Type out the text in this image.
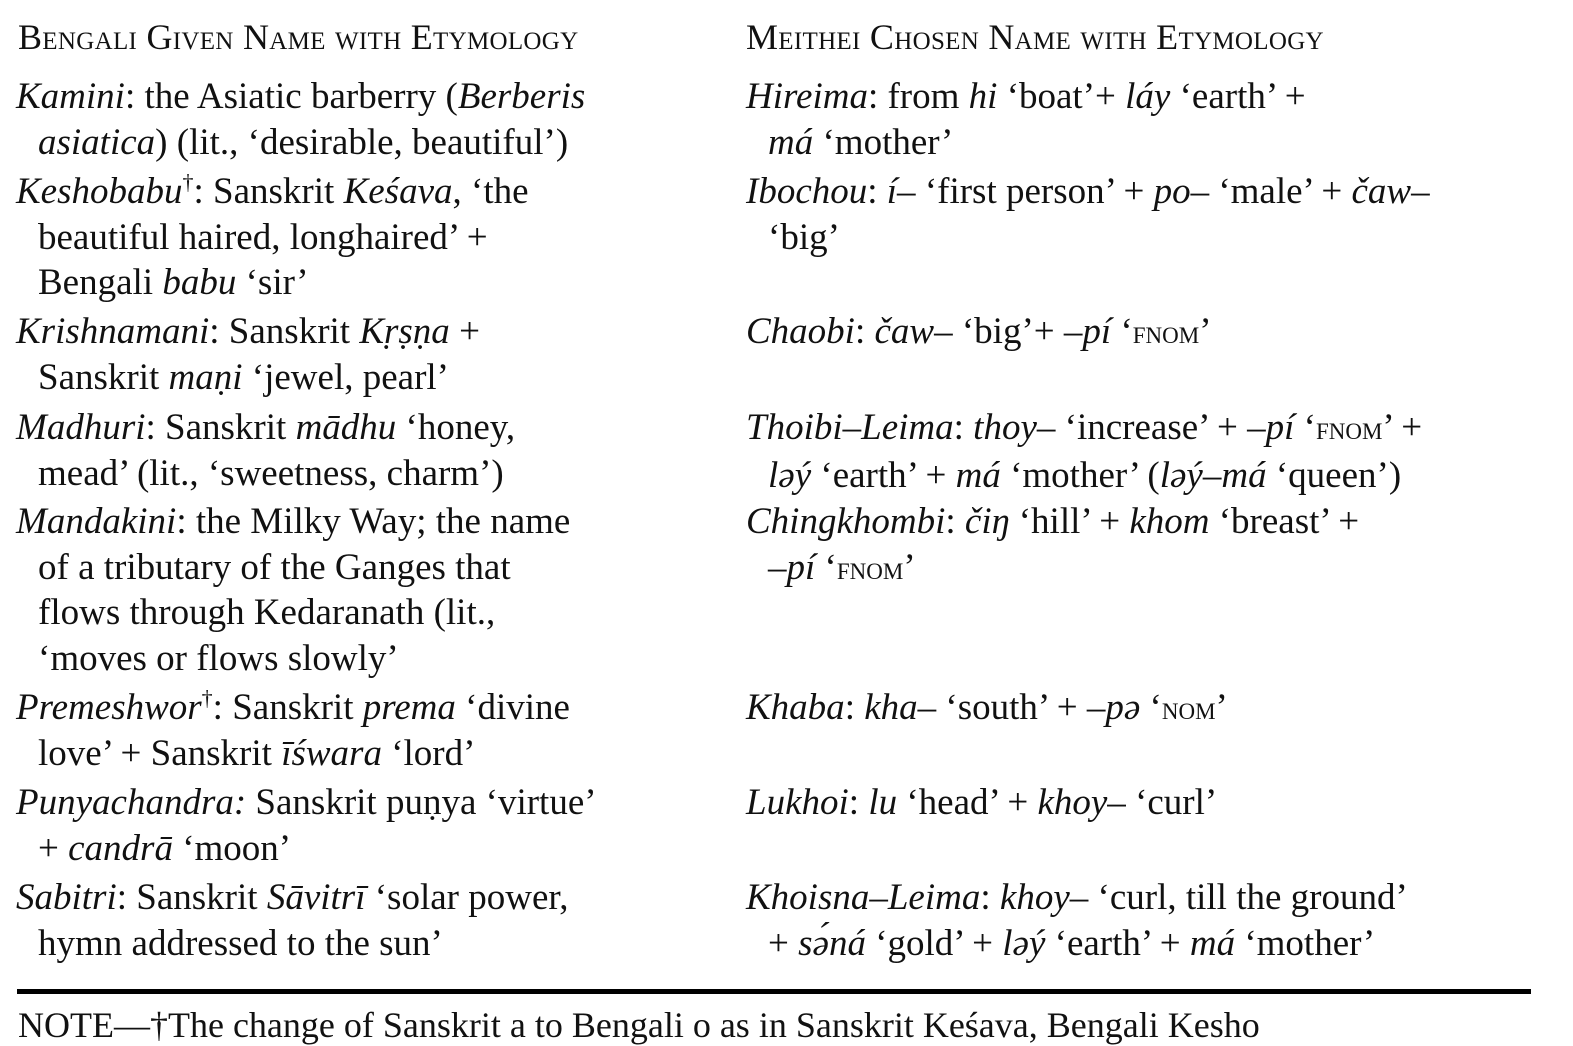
Bengali Given Name with Etymology	Meithei Chosen Name with Etymology
Kamini: the Asiatic barberry (Berberis
asiatica) (lit., ‘desirable, beautiful’)
Hireima: from hi ‘boat’+ láy ‘earth’ +
má ‘mother’
Keshobabu†: Sanskrit Keśava, ‘the
beautiful haired, longhaired’ +
Bengali babu ‘sir’
Ibochou: í– ‘first person’ + po– ‘male’ + čaw–
‘big’
Krishnamani: Sanskrit Kṛṣṇa +
Sanskrit maṇi ‘jewel, pearl’
Chaobi: čaw– ‘big’+ –pí ‘fnom’
Madhuri: Sanskrit mādhu ‘honey,
mead’ (lit., ‘sweetness, charm’)
Thoibi–Leima: thoy– ‘increase’ + –pí ‘fnom’ +
ləý ‘earth’ + má ‘mother’ (ləý–má ‘queen’)
Mandakini: the Milky Way; the name
of a tributary of the Ganges that
flows through Kedaranath (lit.,
‘moves or flows slowly’
Chingkhombi: čiŋ ‘hill’ + khom ‘breast’ +
–pí ‘fnom’
Premeshwor†: Sanskrit prema ‘divine
love’ + Sanskrit īśwara ‘lord’
Khaba: kha– ‘south’ + –pə ‘nom’
Punyachandra: Sanskrit puṇya ‘virtue’
+ candrā ‘moon’
Lukhoi: lu ‘head’ + khoy– ‘curl’
Sabitri: Sanskrit Sāvitrī ‘solar power,
hymn addressed to the sun’
Khoisna–Leima: khoy– ‘curl, till the ground’
+ sə́ná ‘gold’ + ləý ‘earth’ + má ‘mother’
NOTE—†The change of Sanskrit a to Bengali o as in Sanskrit Keśava, Bengali Kesho
